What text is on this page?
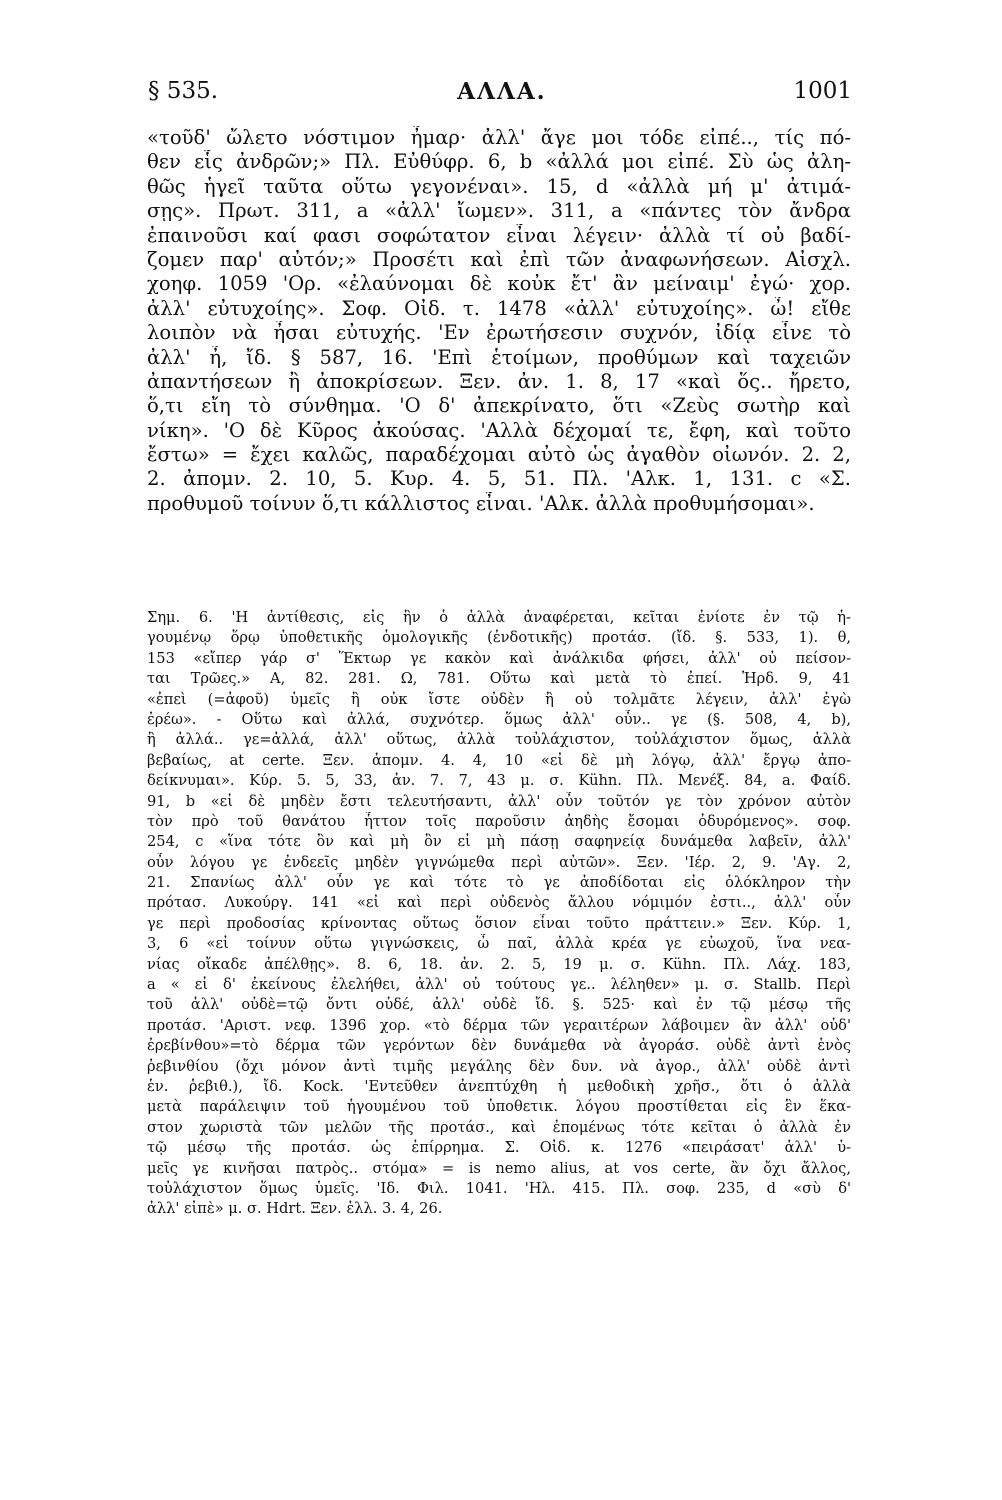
§ 535.	ΑΛΛΑ.	1001
«τοῦδ' ὤλετο νόστιμον ἦμαρ· ἀλλ' ἄγε μοι τόδε εἰπέ.., τίς πό-
θεν εἷς ἀνδρῶν;» Πλ. Εὐθύφρ. 6, b «ἀλλά μοι εἰπέ. Σὺ ὡς ἀλη-
θῶς ἡγεῖ ταῦτα οὕτω γεγονέναι». 15, d «ἀλλὰ μή μ' ἀτιμά-
σῃς». Πρωτ. 311, a «ἀλλ' ἴωμεν». 311, a «πάντες τὸν ἄνδρα
ἐπαινοῦσι καί φασι σοφώτατον εἶναι λέγειν· ἀλλὰ τί οὐ βαδί-
ζομεν παρ' αὐτόν;» Προσέτι καὶ ἐπὶ τῶν ἀναφωνήσεων. Αἰσχλ.
χοηφ. 1059 'Ορ. «ἐλαύνομαι δὲ κοὐκ ἔτ' ἂν μείναιμ' ἐγώ· χορ.
ἀλλ' εὐτυχοίης». Σοφ. Οἰδ. τ. 1478 «ἀλλ' εὐτυχοίης». ὦ! εἴθε
λοιπὸν νὰ ἦσαι εὐτυχής. 'Εν ἐρωτήσεσιν συχνόν, ἰδίᾳ εἶνε τὸ
ἀλλ' ἦ, ἴδ. § 587, 16. 'Επὶ ἑτοίμων, προθύμων καὶ ταχειῶν
ἀπαντήσεων ἢ ἀποκρίσεων. Ξεν. ἀν. 1. 8, 17 «καὶ ὅς.. ἤρετο,
ὅ,τι εἴη τὸ σύνθημα. 'Ο δ' ἀπεκρίνατο, ὅτι «Ζεὺς σωτὴρ καὶ
νίκη». 'Ο δὲ Κῦρος ἀκούσας. 'Αλλὰ δέχομαί τε, ἔφη, καὶ τοῦτο
ἔστω» = ἔχει καλῶς, παραδέχομαι αὐτὸ ὡς ἀγαθὸν οἰωνόν. 2. 2,
2. ἀπομν. 2. 10, 5. Κυρ. 4. 5, 51. Πλ. 'Αλκ. 1, 131. c «Σ.
προθυμοῦ τοίνυν ὅ,τι κάλλιστος εἶναι. 'Αλκ. ἀλλὰ προθυμήσομαι».
Σημ. 6. 'Η ἀντίθεσις, εἰς ἣν ὁ ἀλλὰ ἀναφέρεται, κεῖται ἐνίοτε ἐν τῷ ἡ-
γουμένῳ ὅρῳ ὑποθετικῆς ὁμολογικῆς (ἐνδοτικῆς) προτάσ. (ἴδ. §. 533, 1). θ,
153 «εἴπερ γάρ σ' Ἕκτωρ γε κακὸν καὶ ἀνάλκιδα φήσει, ἀλλ' οὐ πείσον-
ται Τρῶες.» Α, 82. 281. Ω, 781. Οὕτω καὶ μετὰ τὸ ἐπεί. Ἡρδ. 9, 41
«ἐπεὶ (=ἀφοῦ) ὑμεῖς ἢ οὐκ ἴστε οὐδὲν ἢ οὐ τολμᾶτε λέγειν, ἀλλ' ἐγὼ
ἐρέω». - Οὕτω καὶ ἀλλά, συχνότερ. ὅμως ἀλλ' οὖν.. γε (§. 508, 4, b),
ἢ ἀλλά.. γε=ἀλλά, ἀλλ' οὕτως, ἀλλὰ τοὐλάχιστον, τοὐλάχιστον ὅμως, ἀλλὰ
βεβαίως, at certe. Ξεν. ἀπομν. 4. 4, 10 «εἰ δὲ μὴ λόγῳ, ἀλλ' ἔργῳ ἀπο-
δείκνυμαι». Κύρ. 5. 5, 33, ἀν. 7. 7, 43 μ. σ. Kühn. Πλ. Μενέξ. 84, a. Φαίδ.
91, b «εἰ δὲ μηδὲν ἔστι τελευτήσαντι, ἀλλ' οὖν τοῦτόν γε τὸν χρόνον αὐτὸν
τὸν πρὸ τοῦ θανάτου ἧττον τοῖς παροῦσιν ἀηδὴς ἔσομαι ὀδυρόμενος». σοφ.
254, c «ἵνα τότε ὂν καὶ μὴ ὂν εἰ μὴ πάσῃ σαφηνείᾳ δυνάμεθα λαβεῖν, ἀλλ'
οὖν λόγου γε ἐνδεεῖς μηδὲν γιγνώμεθα περὶ αὐτῶν». Ξεν. 'Ιέρ. 2, 9. 'Αγ. 2,
21. Σπανίως ἀλλ' οὖν γε καὶ τότε τὸ γε ἀποδίδοται εἰς ὁλόκληρον τὴν
πρότασ. Λυκούργ. 141 «εἰ καὶ περὶ οὐδενὸς ἄλλου νόμιμόν ἐστι.., ἀλλ' οὖν
γε περὶ προδοσίας κρίνοντας οὕτως ὅσιον εἶναι τοῦτο πράττειν.» Ξεν. Κύρ. 1,
3, 6 «εἰ τοίνυν οὕτω γιγνώσκεις, ὦ παῖ, ἀλλὰ κρέα γε εὐωχοῦ, ἵνα νεα-
νίας οἴκαδε ἀπέλθῃς». 8. 6, 18. ἀν. 2. 5, 19 μ. σ. Kühn. Πλ. Λάχ. 183,
a « εἰ δ' ἐκείνους ἐλελήθει, ἀλλ' οὐ τούτους γε.. λέληθεν» μ. σ. Stallb. Περὶ
τοῦ ἀλλ' οὐδὲ=τῷ ὄντι οὐδέ, ἀλλ' οὐδὲ ἴδ. §. 525· καὶ ἐν τῷ μέσῳ τῆς
προτάσ. 'Αριστ. νεφ. 1396 χορ. «τὸ δέρμα τῶν γεραιτέρων λάβοιμεν ἂν ἀλλ' οὐδ'
ἐρεβίνθου»=τὸ δέρμα τῶν γερόντων δὲν δυνάμεθα νὰ ἀγοράσ. οὐδὲ ἀντὶ ἑνὸς
ῥεβινθίου (ὄχι μόνον ἀντὶ τιμῆς μεγάλης δὲν δυν. νὰ ἀγορ., ἀλλ' οὐδὲ ἀντὶ
ἑν. ῥεβιθ.), ἴδ. Kock. 'Εντεῦθεν ἀνεπτύχθη ἡ μεθοδικὴ χρῆσ., ὅτι ὁ ἀλλὰ
μετὰ παράλειψιν τοῦ ἡγουμένου τοῦ ὑποθετικ. λόγου προστίθεται εἰς ἓν ἕκα-
στον χωριστὰ τῶν μελῶν τῆς προτάσ., καὶ ἐπομένως τότε κεῖται ὁ ἀλλὰ ἐν
τῷ μέσῳ τῆς προτάσ. ὡς ἐπίρρημα. Σ. Οἰδ. κ. 1276 «πειράσατ' ἀλλ' ὑ-
μεῖς γε κινῆσαι πατρὸς.. στόμα» = is nemo alius, at vos certe, ἂν ὄχι ἄλλος,
τοὐλάχιστον ὅμως ὑμεῖς. 'Ιδ. Φιλ. 1041. 'Ηλ. 415. Πλ. σοφ. 235, d «σὺ δ'
ἀλλ' εἰπὲ» μ. σ. Hdrt. Ξεν. ἑλλ. 3. 4, 26.
